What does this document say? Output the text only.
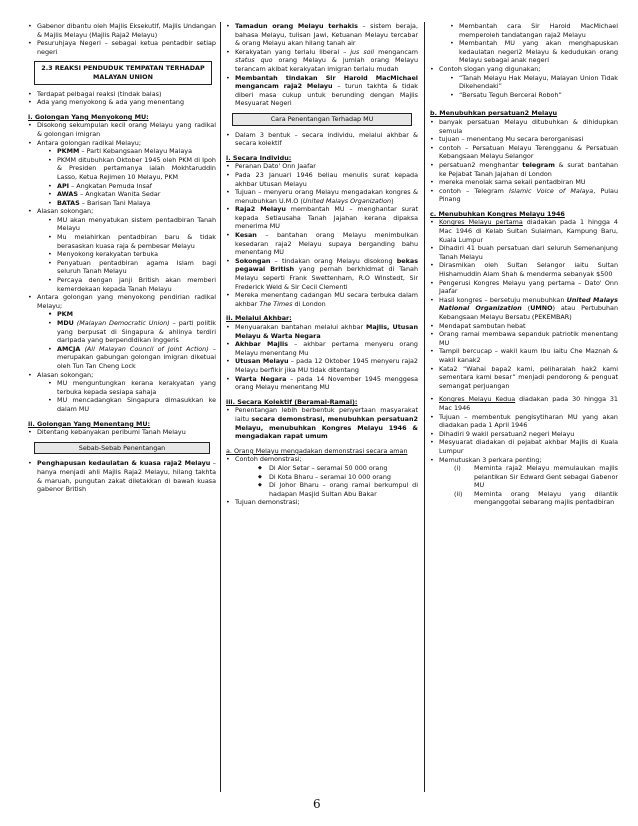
• Gabenor dibantu oleh Majlis Eksekutif, Majlis Undangan & Majlis Melayu (Majlis Raja2 Melayu)
• Pesuruhjaya Negeri – sebagai ketua pentadbir setiap negeri
2.3 REAKSI PENDUDUK TEMPATAN TERHADAP MALAYAN UNION
• Terdapat pelbagai reaksi (tindak balas)
• Ada yang menyokong & ada yang menentang
i. Golongan Yang Menyokong MU:
• Disokong sekumpulan kecil orang Melayu yang radikal & golongan imigran
• Antara golongan radikal Melayu;
• PKMM – Parti Kebangsaan Melayu Malaya
• PKMM ditubuhkan Oktober 1945 oleh PKM di Ipoh & Presiden pertamanya ialah Mokhtaruddin Lasso, Ketua Rejimen 10 Melayu, PKM
• API – Angkatan Pemuda Insaf
• AWAS – Angkatan Wanita Sedar
• BATAS – Barisan Tani Malaya
• Alasan sokongan;
• MU akan menyatukan sistem pentadbiran Tanah Melayu
• Mu melahirkan pentadbiran baru & tidak berasaskan kuasa raja & pembesar Melayu
• Menyokong kerakyatan terbuka
• Penyatuan pentadbiran agama Islam bagi seluruh Tanah Melayu
• Percaya dengan janji British akan memberi kemerdekaan kepada Tanah Melayu
• Antara golongan yang menyokong pendirian radikal Melayu;
• PKM
• MDU (Malayan Democratic Union) – parti politik yang berpusat di Singapura & ahlinya terdiri daripada yang berpendidikan Inggeris
• AMCJA (All Malayan Council of Joint Action) – merupakan gabungan golongan imigran diketuai oleh Tun Tan Cheng Lock
• Alasan sokongan;
• MU menguntungkan kerana kerakyatan yang terbuka kepada sesiapa sahaja
• MU mencadangkan Singapura dimasukkan ke dalam MU
ii. Golongan Yang Menentang MU:
• Ditentang kebanyakan peribumi Tanah Melayu
Sebab-Sebab Penentangan
• Penghapusan kedaulatan & kuasa raja2 Melayu – hanya menjadi ahli Majlis Raja2 Melayu, hilang takhta & maruah, pungutan zakat diletakkan di bawah kuasa gabenor British
• Tamadun orang Melayu terhakis – sistem beraja, bahasa Melayu, tulisan Jawi, Ketuanan Melayu tercabar & orang Melayu akan hilang tanah air
• Kerakyatan yang terlalu liberal – jus soli mengancam status quo orang Melayu & jumlah orang Melayu terancam akibat kerakyatan imigran terlalu mudah
• Membantah tindakan Sir Harold MacMichael mengancam raja2 Melayu – turun takhta & tidak diberi masa cukup untuk berunding dengan Majlis Mesyuarat Negeri
Cara Penentangan Terhadap MU
• Dalam 3 bentuk – secara individu, melalui akhbar & secara kolektif
i. Secara Individu:
• Peranan Dato' Onn Jaafar
• Pada 23 Januari 1946 beliau menulis surat kepada akhbar Utusan Melayu
• Tujuan – menyeru orang Melayu mengadakan kongres & menubuhkan U.M.O (United Malays Organization)
• Raja2 Melayu membantah MU – menghantar surat kepada Setiausaha Tanah Jajahan kerana dipaksa menerima MU
• Kesan – bantahan orang Melayu menimbulkan kesedaran raja2 Melayu supaya berganding bahu menentang MU
• Sokongan – tindakan orang Melayu disokong bekas pegawai British yang pernah berkhidmat di Tanah Melayu seperti Frank Swettenham, R.O Winstedt, Sir Frederick Weld & Sir Cecil Clementi
• Mereka menentang cadangan MU secara terbuka dalam akhbar The Times di London
ii. Melalui Akhbar:
• Menyuarakan bantahan melalui akhbar Majlis, Utusan Melayu & Warta Negara
• Akhbar Majlis – akhbar pertama menyeru orang Melayu menentang Mu
• Utusan Melayu – pada 12 Oktober 1945 menyeru raja2 Melayu berfikir jika MU tidak ditentang
• Warta Negara – pada 14 November 1945 menggesa orang Melayu menentang MU
iii. Secara Kolektif (Beramai-Ramai):
• Penentangan lebih berbentuk penyertaan masyarakat iaitu secara demonstrasi, menubuhkan persatuan2 Melayu, menubuhkan Kongres Melayu 1946 & mengadakan rapat umum
a. Orang Melayu mengadakan demonstrasi secara aman
• Contoh demonstrasi;
◆ Di Alor Setar – seramai 50 000 orang
◆ Di Kota Bharu – seramai 10 000 orang
◆ Di Johor Bharu – orang ramai berkumpul di hadapan Masjid Sultan Abu Bakar
• Tujuan demonstrasi;
• Membantah cara Sir Harold MacMichael memperoleh tandatangan raja2 Melayu
• Membantah MU yang akan menghapuskan kedaulatan negeri2 Melayu & kedudukan orang Melayu sebagai anak negeri
• Contoh slogan yang digunakan;
• “Tanah Melayu Hak Melayu, Malayan Union Tidak Dikehendaki”
• “Bersatu Teguh Bercerai Roboh”
b. Menubuhkan persatuan2 Melayu
• banyak persatuan Melayu ditubuhkan & dihidupkan semula
• tujuan – menentang Mu secara berorganisasi
• contoh – Persatuan Melayu Terengganu & Persatuan Kebangsaan Melayu Selangor
• persatuan2 menghantar telegram & surat bantahan ke Pejabat Tanah Jajahan di London
• mereka menolak sama sekali pentadbiran MU
• contoh – Telegram Islamic Voice of Malaya, Pulau Pinang
c. Menubuhkan Kongres Melayu 1946
• Kongres Melayu pertama diadakan pada 1 hingga 4 Mac 1946 di Kelab Sultan Sulaiman, Kampung Baru, Kuala Lumpur
• Dihadiri 41 buah persatuan dari seluruh Semenanjung Tanah Melayu
• Dirasmikan oleh Sultan Selangor iaitu Sultan Hishamuddin Alam Shah & menderma sebanyak $500
• Pengerusi Kongres Melayu yang pertama – Dato' Onn Jaafar
• Hasil kongres – bersetuju menubuhkan United Malays National Organization (UMNO) atau Pertubuhan Kebangsaan Melayu Bersatu (PEKEMBAR)
• Mendapat sambutan hebat
• Orang ramai membawa sepanduk patriotik menentang MU
• Tampil bercucap – wakil kaum Ibu iaitu Che Maznah & wakil kanak2
• Kata2 “Wahai bapa2 kami, peliharalah hak2 kami sementara kami besar” menjadi pendorong & penguat semangat perjuangan
• Kongres Melayu Kedua diadakan pada 30 hingga 31 Mac 1946
• Tujuan – membentuk pengisytiharan MU yang akan diadakan pada 1 April 1946
• Dihadiri 9 wakil persatuan2 negeri Melayu
• Mesyuarat diadakan di pejabat akhbar Majlis di Kuala Lumpur
• Memutuskan 3 perkara penting;
(i) Meminta raja2 Melayu memulaukan majlis pelantikan Sir Edward Gent sebagai Gabenor MU
(ii) Meminta orang Melayu yang dilantik menganggotai sebarang majlis pentadbiran
6
